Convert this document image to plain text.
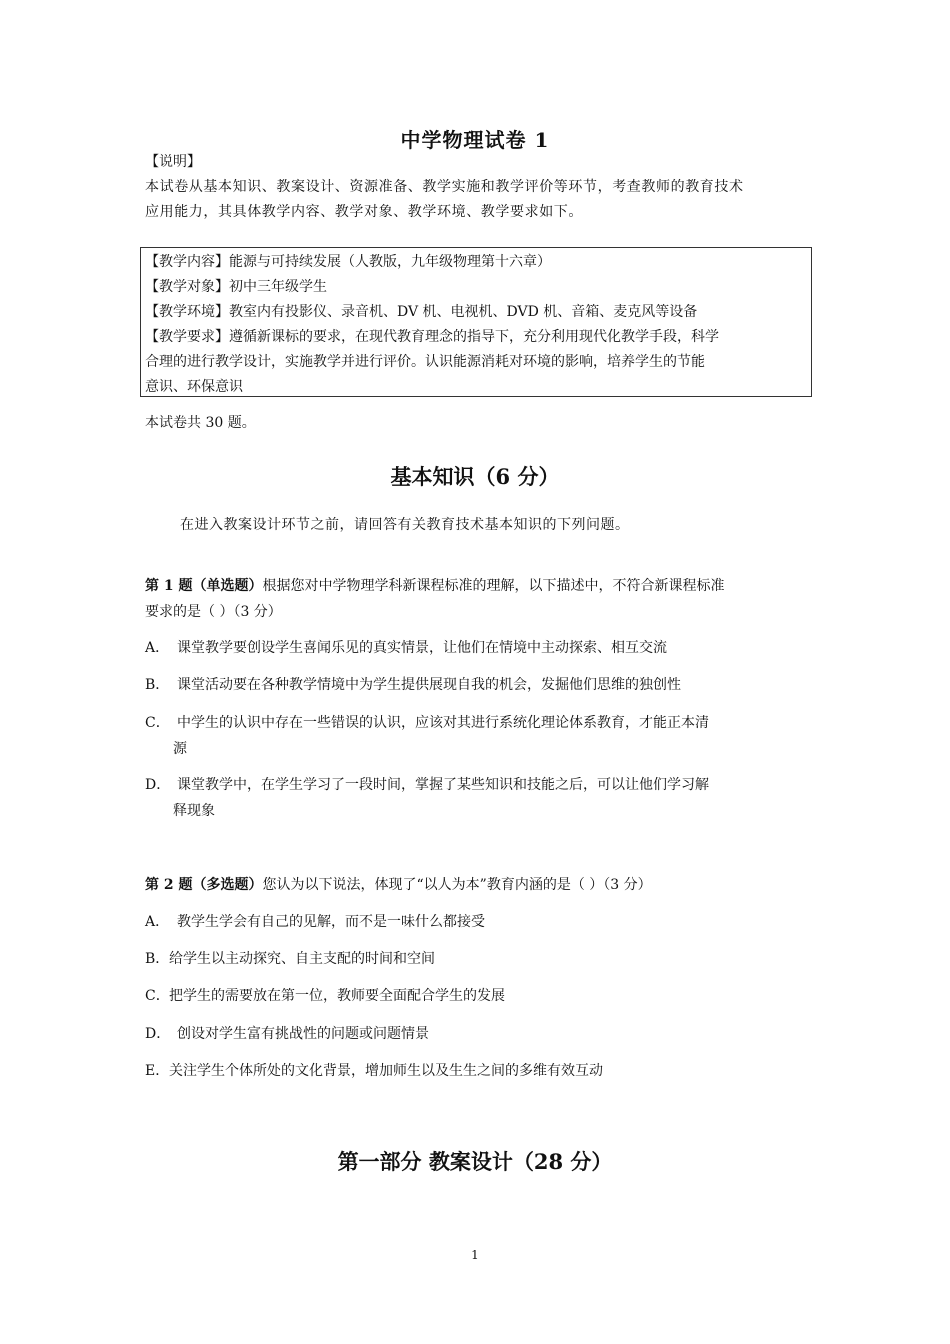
中学物理试卷 1
【说明】
本试卷从基本知识、教案设计、资源准备、教学实施和教学评价等环节，考查教师的教育技术
应用能力，其具体教学内容、教学对象、教学环境、教学要求如下。
【教学内容】能源与可持续发展（人教版，九年级物理第十六章）
【教学对象】初中三年级学生
【教学环境】教室内有投影仪、录音机、DV 机、电视机、DVD 机、音箱、麦克风等设备
【教学要求】遵循新课标的要求，在现代教育理念的指导下，充分利用现代化教学手段，科学
合理的进行教学设计，实施教学并进行评价。认识能源消耗对环境的影响，培养学生的节能
意识、环保意识
本试卷共 30 题。
基本知识（6 分）
在进入教案设计环节之前，请回答有关教育技术基本知识的下列问题。
第 1 题（单选题）根据您对中学物理学科新课程标准的理解，以下描述中，不符合新课程标准
要求的是（ ）（3 分）
A． 课堂教学要创设学生喜闻乐见的真实情景，让他们在情境中主动探索、相互交流
B． 课堂活动要在各种教学情境中为学生提供展现自我的机会，发掘他们思维的独创性
C． 中学生的认识中存在一些错误的认识，应该对其进行系统化理论体系教育，才能正本清
源
D． 课堂教学中，在学生学习了一段时间，掌握了某些知识和技能之后，可以让他们学习解
释现象
第 2 题（多选题）您认为以下说法，体现了“以人为本”教育内涵的是（ ）（3 分）
A． 教学生学会有自己的见解，而不是一味什么都接受
B．给学生以主动探究、自主支配的时间和空间
C．把学生的需要放在第一位，教师要全面配合学生的发展
D． 创设对学生富有挑战性的问题或问题情景
E．关注学生个体所处的文化背景，增加师生以及生生之间的多维有效互动
第一部分 教案设计（28 分）
1
